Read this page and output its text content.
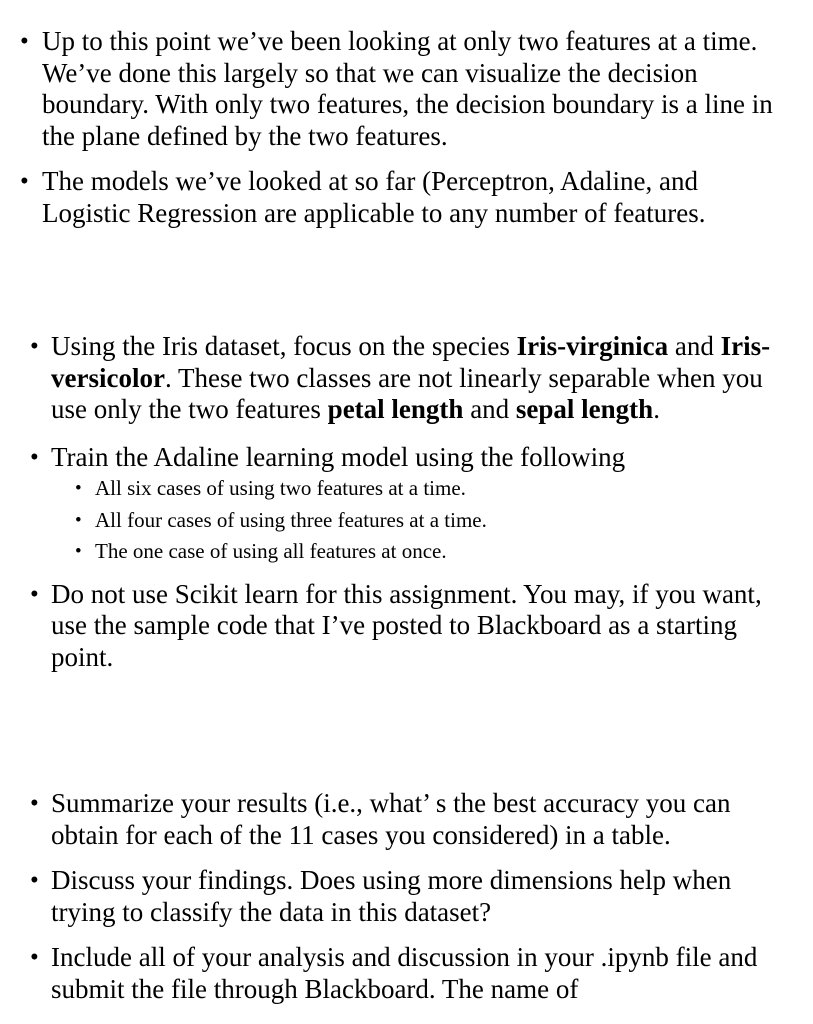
• Up to this point we’ve been looking at only two features at a time. We’ve done this largely so that we can visualize the decision boundary. With only two features, the decision boundary is a line in the plane defined by the two features.
• The models we’ve looked at so far (Perceptron, Adaline, and Logistic Regression are applicable to any number of features.
• Using the Iris dataset, focus on the species Iris-virginica and Iris-versicolor. These two classes are not linearly separable when you use only the two features petal length and sepal length.
• Train the Adaline learning model using the following
• All six cases of using two features at a time.
• All four cases of using three features at a time.
• The one case of using all features at once.
• Do not use Scikit learn for this assignment. You may, if you want, use the sample code that I’ve posted to Blackboard as a starting point.
• Summarize your results (i.e., what’ s the best accuracy you can obtain for each of the 11 cases you considered) in a table.
• Discuss your findings. Does using more dimensions help when trying to classify the data in this dataset?
• Include all of your analysis and discussion in your .ipynb file and submit the file through Blackboard. The name of
